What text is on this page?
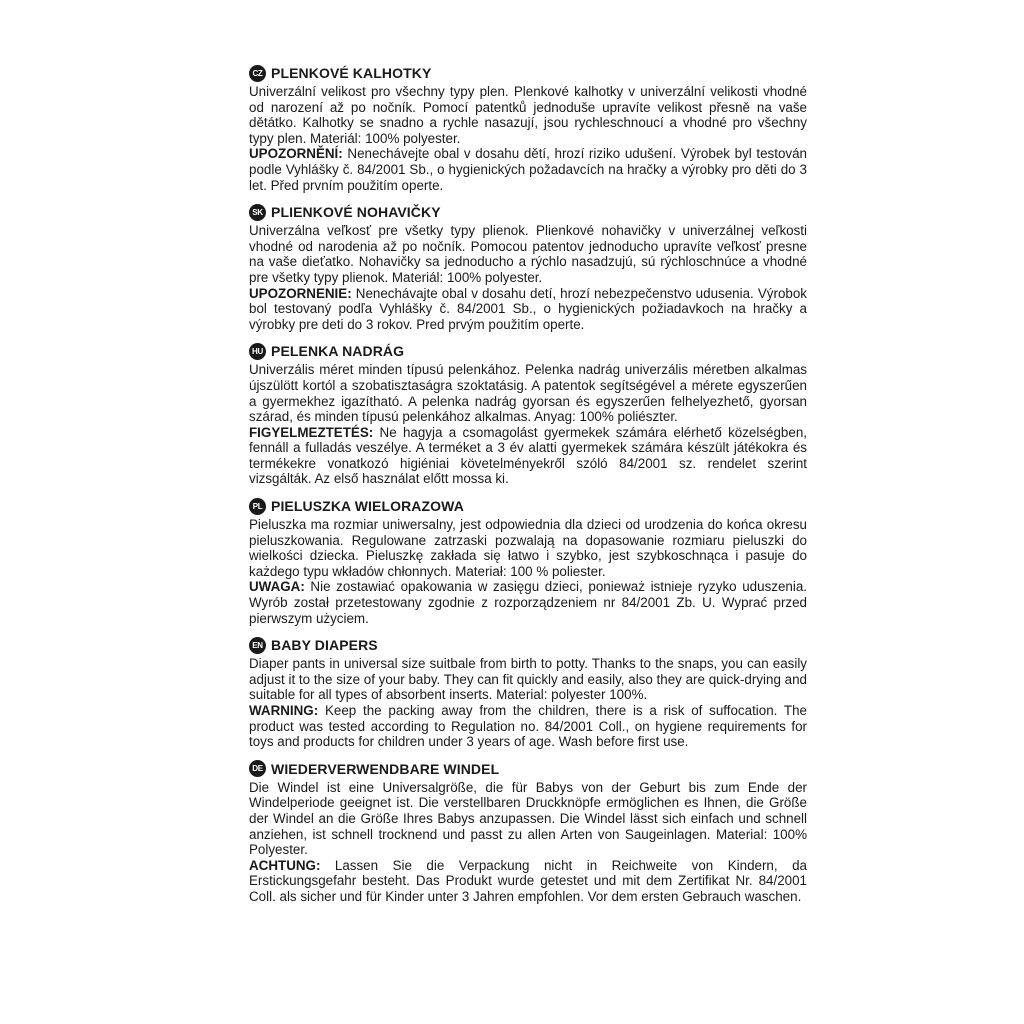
CZ PLENKOVÉ KALHOTKY

Univerzální velikost pro všechny typy plen. Plenkové kalhotky v univerzální velikosti vhodné od narození až po nočník. Pomocí patentků jednoduše upravíte velikost přesně na vaše dětátko. Kalhotky se snadno a rychle nasazují, jsou rychleschnoucí a vhodné pro všechny typy plen. Materiál: 100% polyester.
UPOZORNĚNÍ: Nenechávejte obal v dosahu dětí, hrozí riziko udušení. Výrobek byl testován podle Vyhlášky č. 84/2001 Sb., o hygienických požadavcích na hračky a výrobky pro děti do 3 let. Před prvním použitím operte.

SK PLIENKOVÉ NOHAVIČKY

Univerzálna veľkosť pre všetky typy plienok. Plienkové nohavičky v univerzálnej veľkosti vhodné od narodenia až po nočník. Pomocou patentov jednoducho upravíte veľkosť presne na vaše dieťatko. Nohavičky sa jednoducho a rýchlo nasadzujú, sú rýchloschnúce a vhodné pre všetky typy plienok. Materiál: 100% polyester.
UPOZORNENIE: Nenechávajte obal v dosahu detí, hrozí nebezpečenstvo udusenia. Výrobok bol testovaný podľa Vyhlášky č. 84/2001 Sb., o hygienických požiadavkoch na hračky a výrobky pre deti do 3 rokov. Pred prvým použitím operte.

HU PELENKA NADRÁG

Univerzális méret minden típusú pelenkához. Pelenka nadrág univerzális méretben alkalmas újszülött kortól a szobatisztaságra szoktatásig. A patentok segítségével a mérete egyszerűen a gyermekhez igazítható. A pelenka nadrág gyorsan és egyszerűen felhelyezhető, gyorsan szárad, és minden típusú pelenkához alkalmas. Anyag: 100% poliészter.
FIGYELMEZTETÉS: Ne hagyja a csomagolást gyermekek számára elérhető közelségben, fennáll a fulladás veszélye. A terméket a 3 év alatti gyermekek számára készült játékokra és termékekre vonatkozó higiéniai követelményekről szóló 84/2001 sz. rendelet szerint vizsgálták. Az első használat előtt mossa ki.

PL PIELUSZKA WIELORAZOWA

Pieluszka ma rozmiar uniwersalny, jest odpowiednia dla dzieci od urodzenia do końca okresu pieluszkowania. Regulowane zatrzaski pozwalają na dopasowanie rozmiaru pieluszki do wielkości dziecka. Pieluszkę zakłada się łatwo i szybko, jest szybkoschnąca i pasuje do każdego typu wkładów chłonnych. Materiał: 100 % poliester.
UWAGA: Nie zostawiać opakowania w zasięgu dzieci, ponieważ istnieje ryzyko uduszenia. Wyrób został przetestowany zgodnie z rozporządzeniem nr 84/2001 Zb. U. Wyprać przed pierwszym użyciem.

EN BABY DIAPERS

Diaper pants in universal size suitbale from birth to potty. Thanks to the snaps, you can easily adjust it to the size of your baby. They can fit quickly and easily, also they are quick-drying and suitable for all types of absorbent inserts. Material: polyester 100%.
WARNING: Keep the packing away from the children, there is a risk of suffocation. The product was tested according to Regulation no. 84/2001 Coll., on hygiene requirements for toys and products for children under 3 years of age. Wash before first use.

DE WIEDERVERWENDBARE WINDEL

Die Windel ist eine Universalgröße, die für Babys von der Geburt bis zum Ende der Windelperiode geeignet ist. Die verstellbaren Druckknöpfe ermöglichen es Ihnen, die Größe der Windel an die Größe Ihres Babys anzupassen. Die Windel lässt sich einfach und schnell anziehen, ist schnell trocknend und passt zu allen Arten von Saugeinlagen. Material: 100% Polyester.
ACHTUNG: Lassen Sie die Verpackung nicht in Reichweite von Kindern, da Erstickungsgefahr besteht. Das Produkt wurde getestet und mit dem Zertifikat Nr. 84/2001 Coll. als sicher und für Kinder unter 3 Jahren empfohlen. Vor dem ersten Gebrauch waschen.
